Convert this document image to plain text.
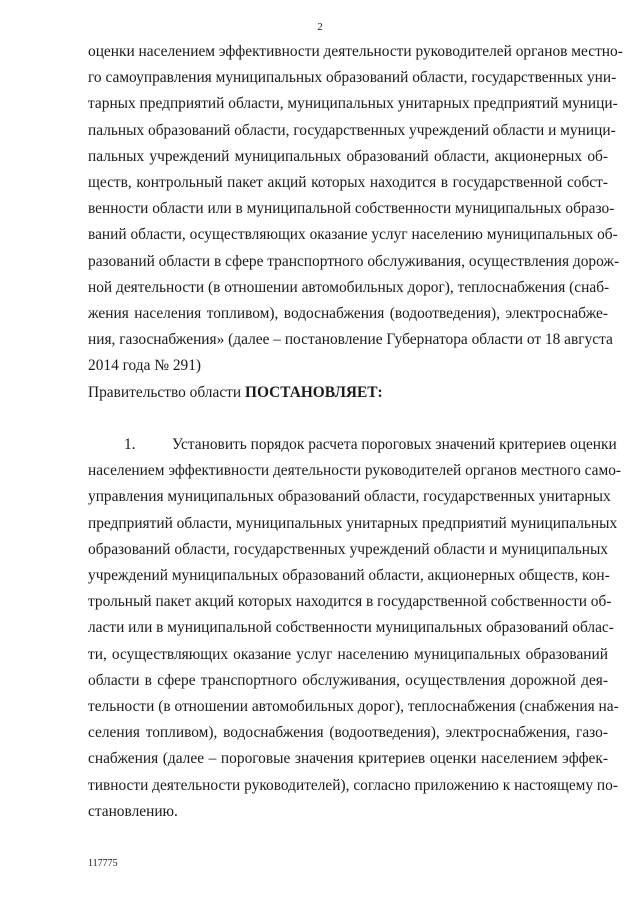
2
оценки населением эффективности деятельности руководителей органов местно-
го самоуправления муниципальных образований области, государственных уни-
тарных предприятий области, муниципальных унитарных предприятий муници-
пальных образований области, государственных учреждений области и муници-
пальных учреждений муниципальных образований области, акционерных об-
ществ, контрольный пакет акций которых находится в государственной собст-
венности области или в муниципальной собственности муниципальных образо-
ваний области, осуществляющих оказание услуг населению муниципальных об-
разований области в сфере транспортного обслуживания, осуществления дорож-
ной деятельности (в отношении автомобильных дорог), теплоснабжения (снаб-
жения населения топливом), водоснабжения (водоотведения), электроснабже-
ния, газоснабжения» (далее – постановление Губернатора области от 18 августа
2014 года № 291)
Правительство области ПОСТАНОВЛЯЕТ:
1. Установить порядок расчета пороговых значений критериев оценки
населением эффективности деятельности руководителей органов местного само-
управления муниципальных образований области, государственных унитарных
предприятий области, муниципальных унитарных предприятий муниципальных
образований области, государственных учреждений области и муниципальных
учреждений муниципальных образований области, акционерных обществ, кон-
трольный пакет акций которых находится в государственной собственности об-
ласти или в муниципальной собственности муниципальных образований облас-
ти, осуществляющих оказание услуг населению муниципальных образований
области в сфере транспортного обслуживания, осуществления дорожной дея-
тельности (в отношении автомобильных дорог), теплоснабжения (снабжения на-
селения топливом), водоснабжения (водоотведения), электроснабжения, газо-
снабжения (далее – пороговые значения критериев оценки населением эффек-
тивности деятельности руководителей), согласно приложению к настоящему по-
становлению.
117775
